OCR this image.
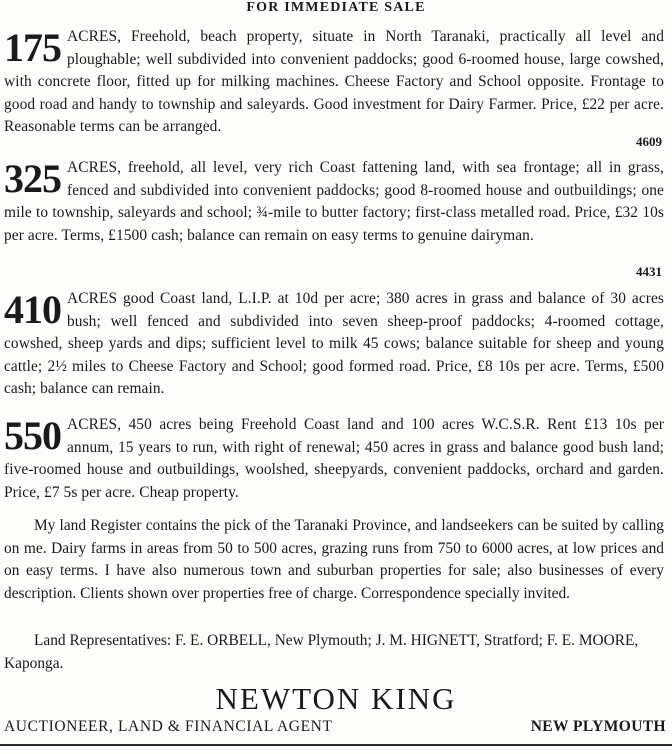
FOR IMMEDIATE SALE
175 ACRES, Freehold, beach property, situate in North Taranaki, practically all level and ploughable; well subdivided into convenient paddocks; good 6-roomed house, large cowshed, with concrete floor, fitted up for milking machines. Cheese Factory and School opposite. Frontage to good road and handy to township and saleyards. Good investment for Dairy Farmer. Price, £22 per acre. Reasonable terms can be arranged.
4609
325 ACRES, freehold, all level, very rich Coast fattening land, with sea frontage; all in grass, fenced and subdivided into convenient paddocks; good 8-roomed house and outbuildings; one mile to township, saleyards and school; ¾-mile to butter factory; first-class metalled road. Price, £32 10s per acre. Terms, £1500 cash; balance can remain on easy terms to genuine dairyman.
4431
410 ACRES good Coast land, L.I.P. at 10d per acre; 380 acres in grass and balance of 30 acres bush; well fenced and subdivided into seven sheep-proof paddocks; 4-roomed cottage, cowshed, sheep yards and dips; sufficient level to milk 45 cows; balance suitable for sheep and young cattle; 2½ miles to Cheese Factory and School; good formed road. Price, £8 10s per acre. Terms, £500 cash; balance can remain.
550 ACRES, 450 acres being Freehold Coast land and 100 acres W.C.S.R. Rent £13 10s per annum, 15 years to run, with right of renewal; 450 acres in grass and balance good bush land; five-roomed house and outbuildings, woolshed, sheepyards, convenient paddocks, orchard and garden. Price, £7 5s per acre. Cheap property.
My land Register contains the pick of the Taranaki Province, and landseekers can be suited by calling on me. Dairy farms in areas from 50 to 500 acres, grazing runs from 750 to 6000 acres, at low prices and on easy terms. I have also numerous town and suburban properties for sale; also businesses of every description. Clients shown over properties free of charge. Correspondence specially invited.
Land Representatives: F. E. ORBELL, New Plymouth; J. M. HIGNETT, Stratford; F. E. MOORE, Kaponga.
NEWTON KING
AUCTIONEER, LAND & FINANCIAL AGENT	NEW PLYMOUTH
